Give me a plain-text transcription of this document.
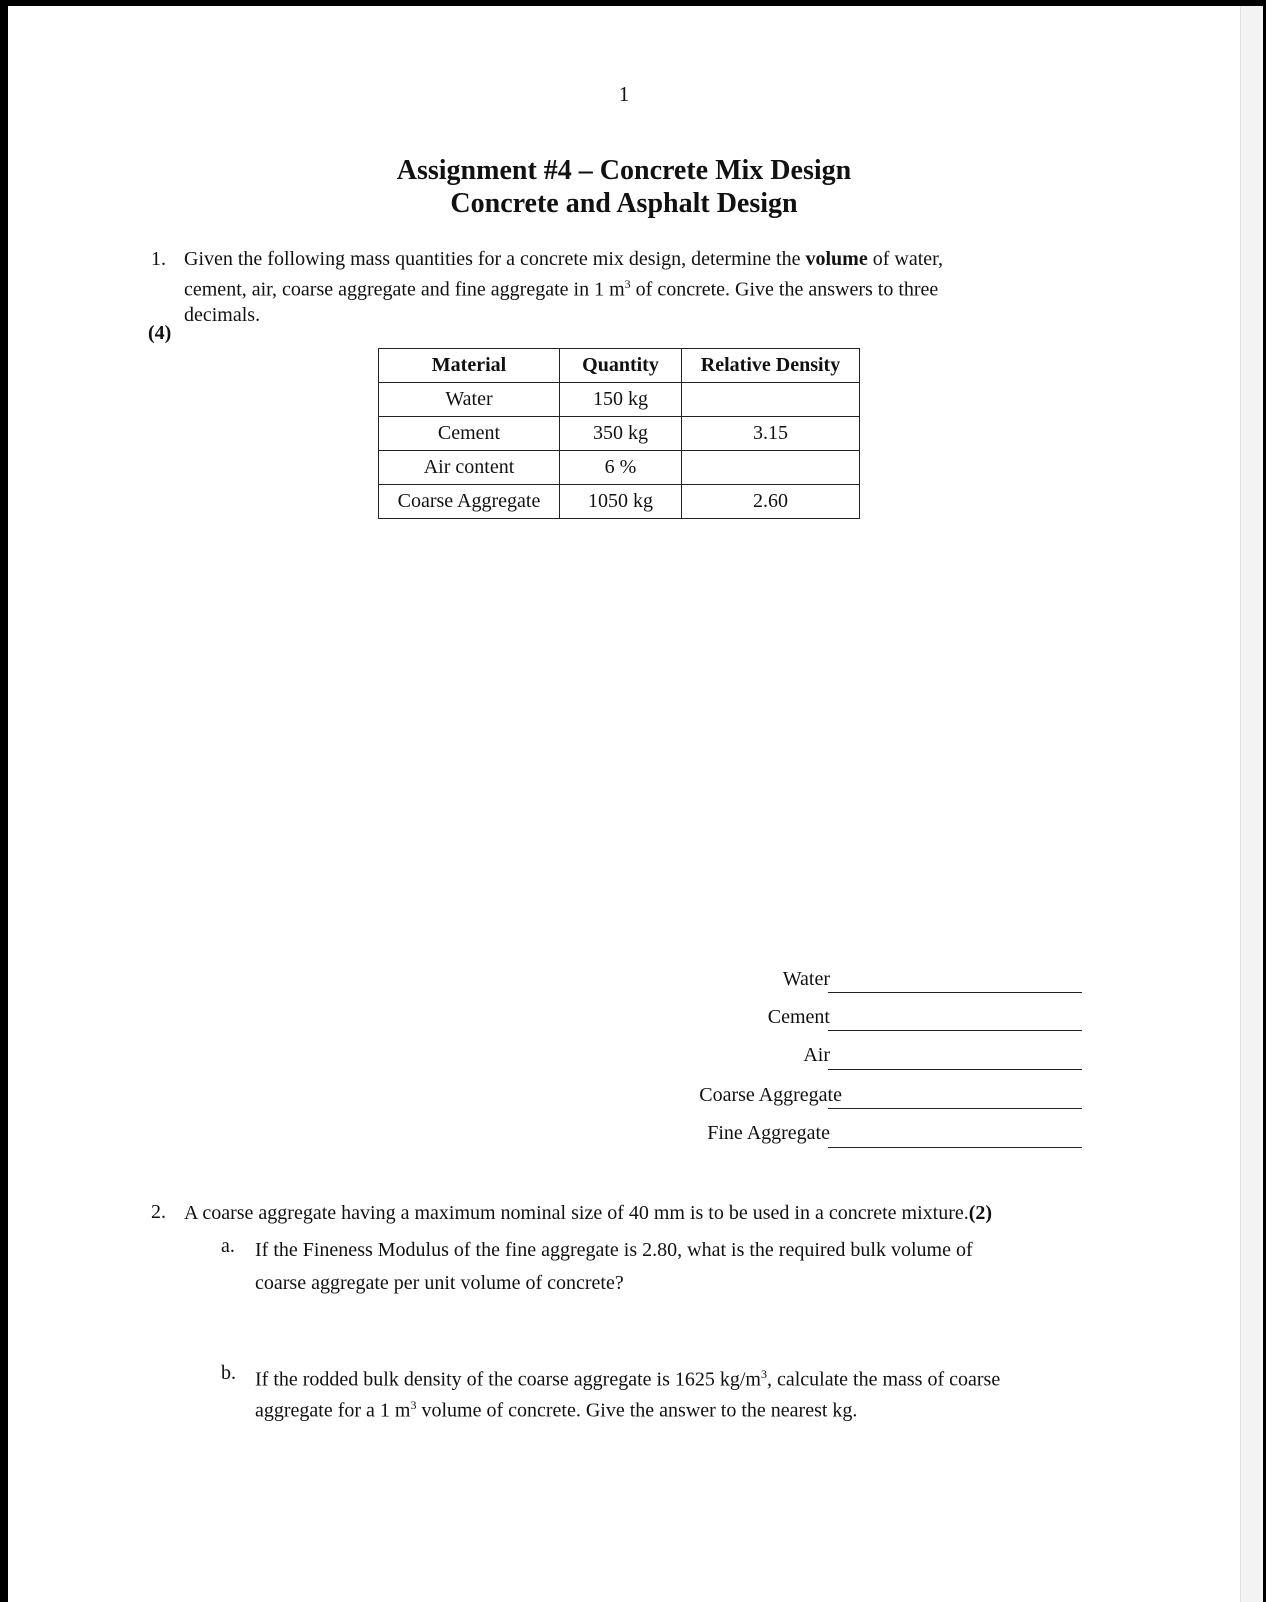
1
Assignment #4 – Concrete Mix Design
Concrete and Asphalt Design
1. Given the following mass quantities for a concrete mix design, determine the volume of water,
cement, air, coarse aggregate and fine aggregate in 1 $m^3$ of concrete. Give the answers to three
decimals.
(4)
Material	Quantity	Relative Density
Water	150 kg	
Cement	350 kg	3.15
Air content	6 %	
Coarse Aggregate	1050 kg	2.60
Water
Cement
Air
Coarse Aggregate
Fine Aggregate
2. A coarse aggregate having a maximum nominal size of 40 mm is to be used in a concrete mixture.(2)
a. If the Fineness Modulus of the fine aggregate is 2.80, what is the required bulk volume of
coarse aggregate per unit volume of concrete?
b. If the rodded bulk density of the coarse aggregate is 1625 $kg/m^3$, calculate the mass of coarse
aggregate for a 1 $m^3$ volume of concrete. Give the answer to the nearest kg.
